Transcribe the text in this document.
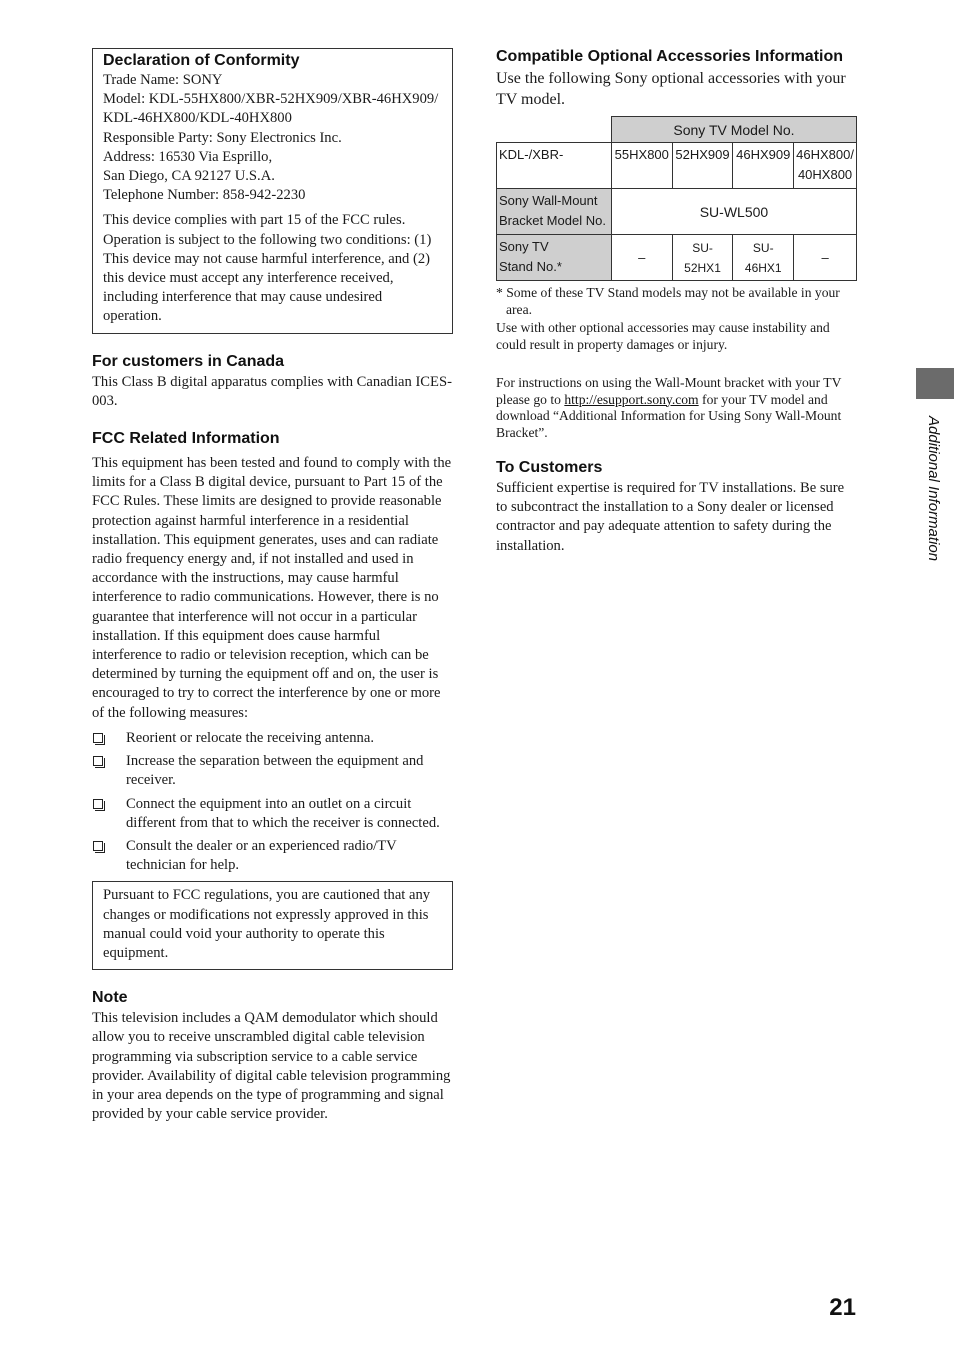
Declaration of Conformity

Trade Name: SONY

Model: KDL-55HX800/XBR-52HX909/XBR-46HX909/

KDL-46HX800/KDL-40HX800

Responsible Party: Sony Electronics Inc.

Address: 16530 Via Esprillo,

San Diego, CA 92127 U.S.A.

Telephone Number: 858-942-2230

This device complies with part 15 of the FCC rules. Operation is subject to the following two conditions: (1) This device may not cause harmful interference, and (2) this device must accept any interference received, including interference that may cause undesired operation.

For customers in Canada

This Class B digital apparatus complies with Canadian ICES-003.

FCC Related Information

This equipment has been tested and found to comply with the limits for a Class B digital device, pursuant to Part 15 of the FCC Rules. These limits are designed to provide reasonable protection against harmful interference in a residential installation. This equipment generates, uses and can radiate radio frequency energy and, if not installed and used in accordance with the instructions, may cause harmful interference to radio communications. However, there is no guarantee that interference will not occur in a particular installation. If this equipment does cause harmful interference to radio or television reception, which can be determined by turning the equipment off and on, the user is encouraged to try to correct the interference by one or more of the following measures:

Reorient or relocate the receiving antenna.
Increase the separation between the equipment and receiver.
Connect the equipment into an outlet on a circuit different from that to which the receiver is connected.
Consult the dealer or an experienced radio/TV technician for help.

Pursuant to FCC regulations, you are cautioned that any changes or modifications not expressly approved in this manual could void your authority to operate this equipment.

Note

This television includes a QAM demodulator which should allow you to receive unscrambled digital cable television programming via subscription service to a cable service provider. Availability of digital cable television programming in your area depends on the type of programming and signal provided by your cable service provider.

Compatible Optional Accessories Information

Use the following Sony optional accessories with your TV model.

	Sony TV Model No.			
KDL-/XBR-	55HX800	52HX909	46HX909	46HX800/ 40HX800

Sony Wall-Mount
Bracket Model No.	SU-WL500			

Sony TV
Stand No.*	–	SU-52HX1	SU-46HX1	–

* Some of these TV Stand models may not be available in your area.

Use with other optional accessories may cause instability and could result in property damages or injury.

For instructions on using the Wall-Mount bracket with your TV please go to http://esupport.sony.com for your TV model and download “Additional Information for Using Sony Wall-Mount Bracket”.

To Customers

Sufficient expertise is required for TV installations. Be sure to subcontract the installation to a Sony dealer or licensed contractor and pay adequate attention to safety during the installation.	Additional Information
21
